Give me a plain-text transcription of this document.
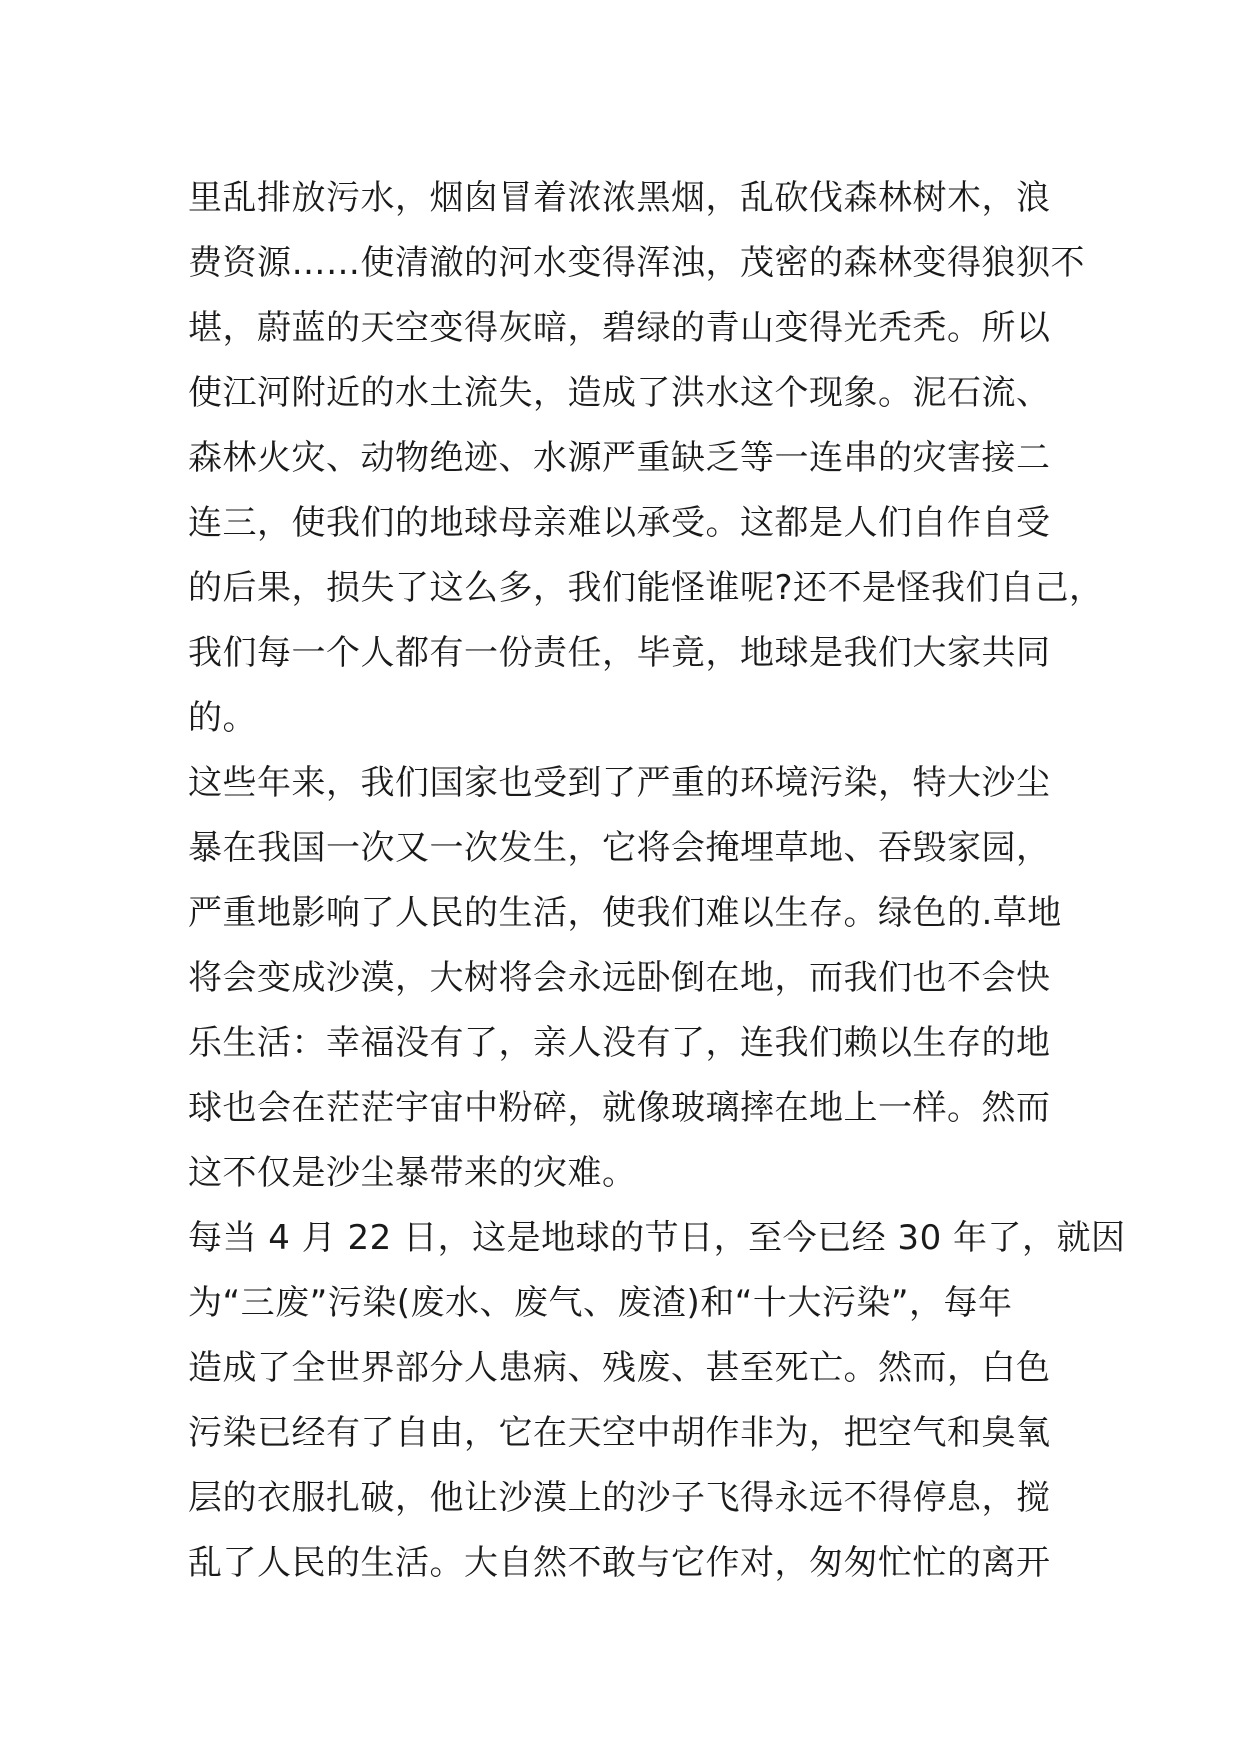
里乱排放污水，烟囱冒着浓浓黑烟，乱砍伐森林树木，浪
费资源……使清澈的河水变得浑浊，茂密的森林变得狼狈不
堪，蔚蓝的天空变得灰暗，碧绿的青山变得光秃秃。所以
使江河附近的水土流失，造成了洪水这个现象。泥石流、
森林火灾、动物绝迹、水源严重缺乏等一连串的灾害接二
连三，使我们的地球母亲难以承受。这都是人们自作自受
的后果，损失了这么多，我们能怪谁呢?还不是怪我们自己，
我们每一个人都有一份责任，毕竟，地球是我们大家共同
的。
这些年来，我们国家也受到了严重的环境污染，特大沙尘
暴在我国一次又一次发生，它将会掩埋草地、吞毁家园，
严重地影响了人民的生活，使我们难以生存。绿色的.草地
将会变成沙漠，大树将会永远卧倒在地，而我们也不会快
乐生活：幸福没有了，亲人没有了，连我们赖以生存的地
球也会在茫茫宇宙中粉碎，就像玻璃摔在地上一样。然而
这不仅是沙尘暴带来的灾难。
每当 4 月 22 日，这是地球的节日，至今已经 30 年了，就因
为“三废”污染(废水、废气、废渣)和“十大污染”，每年
造成了全世界部分人患病、残废、甚至死亡。然而，白色
污染已经有了自由，它在天空中胡作非为，把空气和臭氧
层的衣服扎破，他让沙漠上的沙子飞得永远不得停息，搅
乱了人民的生活。大自然不敢与它作对，匆匆忙忙的离开
